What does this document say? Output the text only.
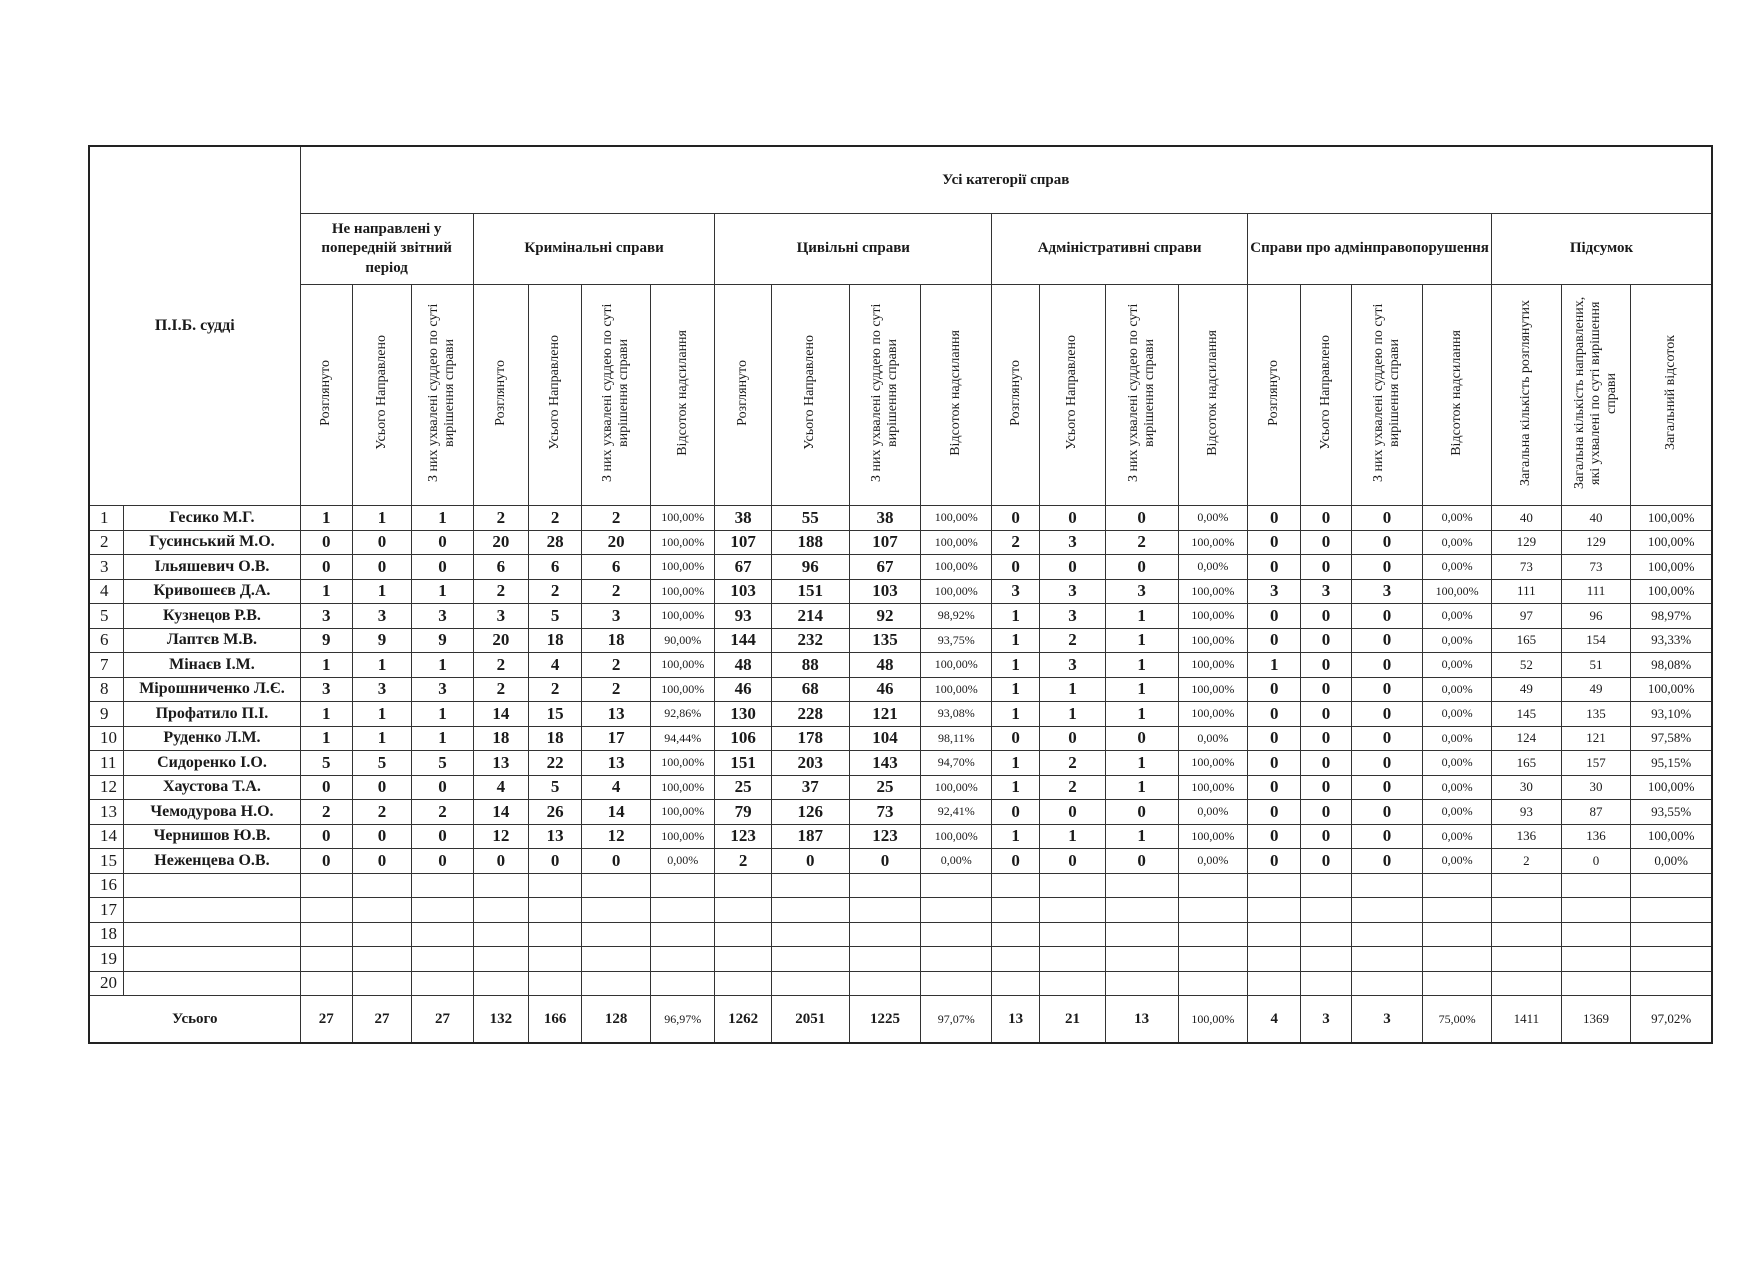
П.І.Б. судді		Усі категорії справ																					
		Не направлені у попередній звітний період			Кримінальні справи				Цивільні справи				Адміністративні справи				Справи про адмінправопорушення				Підсумок		
		Розглянуто	Усього Направлено	З них ухвалені суддею по суті вирішення справи	Розглянуто	Усього Направлено	З них ухвалені суддею по суті вирішення справи	Відсоток надсилання	Розглянуто	Усього Направлено	З них ухвалені суддею по суті вирішення справи	Відсоток надсилання	Розглянуто	Усього Направлено	З них ухвалені суддею по суті вирішення справи	Відсоток надсилання	Розглянуто	Усього Направлено	З них ухвалені суддею по суті вирішення справи	Відсоток надсилання	Загальна кількість розглянутих	Загальна кількість направлених, які ухвалені по суті вирішення справи	Загальний відсоток
1	Гесико М.Г.	1	1	1	2	2	2	100,00%	38	55	38	100,00%	0	0	0	0,00%	0	0	0	0,00%	40	40	100,00%
2	Гусинський М.О.	0	0	0	20	28	20	100,00%	107	188	107	100,00%	2	3	2	100,00%	0	0	0	0,00%	129	129	100,00%
3	Ільяшевич О.В.	0	0	0	6	6	6	100,00%	67	96	67	100,00%	0	0	0	0,00%	0	0	0	0,00%	73	73	100,00%
4	Кривошеєв Д.А.	1	1	1	2	2	2	100,00%	103	151	103	100,00%	3	3	3	100,00%	3	3	3	100,00%	111	111	100,00%
5	Кузнецов Р.В.	3	3	3	3	5	3	100,00%	93	214	92	98,92%	1	3	1	100,00%	0	0	0	0,00%	97	96	98,97%
6	Лаптєв М.В.	9	9	9	20	18	18	90,00%	144	232	135	93,75%	1	2	1	100,00%	0	0	0	0,00%	165	154	93,33%
7	Мінаєв І.М.	1	1	1	2	4	2	100,00%	48	88	48	100,00%	1	3	1	100,00%	1	0	0	0,00%	52	51	98,08%
8	Мірошниченко Л.Є.	3	3	3	2	2	2	100,00%	46	68	46	100,00%	1	1	1	100,00%	0	0	0	0,00%	49	49	100,00%
9	Профатило П.І.	1	1	1	14	15	13	92,86%	130	228	121	93,08%	1	1	1	100,00%	0	0	0	0,00%	145	135	93,10%
10	Руденко Л.М.	1	1	1	18	18	17	94,44%	106	178	104	98,11%	0	0	0	0,00%	0	0	0	0,00%	124	121	97,58%
11	Сидоренко І.О.	5	5	5	13	22	13	100,00%	151	203	143	94,70%	1	2	1	100,00%	0	0	0	0,00%	165	157	95,15%
12	Хаустова Т.А.	0	0	0	4	5	4	100,00%	25	37	25	100,00%	1	2	1	100,00%	0	0	0	0,00%	30	30	100,00%
13	Чемодурова Н.О.	2	2	2	14	26	14	100,00%	79	126	73	92,41%	0	0	0	0,00%	0	0	0	0,00%	93	87	93,55%
14	Чернишов Ю.В.	0	0	0	12	13	12	100,00%	123	187	123	100,00%	1	1	1	100,00%	0	0	0	0,00%	136	136	100,00%
15	Неженцева О.В.	0	0	0	0	0	0	0,00%	2	0	0	0,00%	0	0	0	0,00%	0	0	0	0,00%	2	0	0,00%
16																							
17																							
18																							
19																							
20																							
Усього		27	27	27	132	166	128	96,97%	1262	2051	1225	97,07%	13	21	13	100,00%	4	3	3	75,00%	1411	1369	97,02%
